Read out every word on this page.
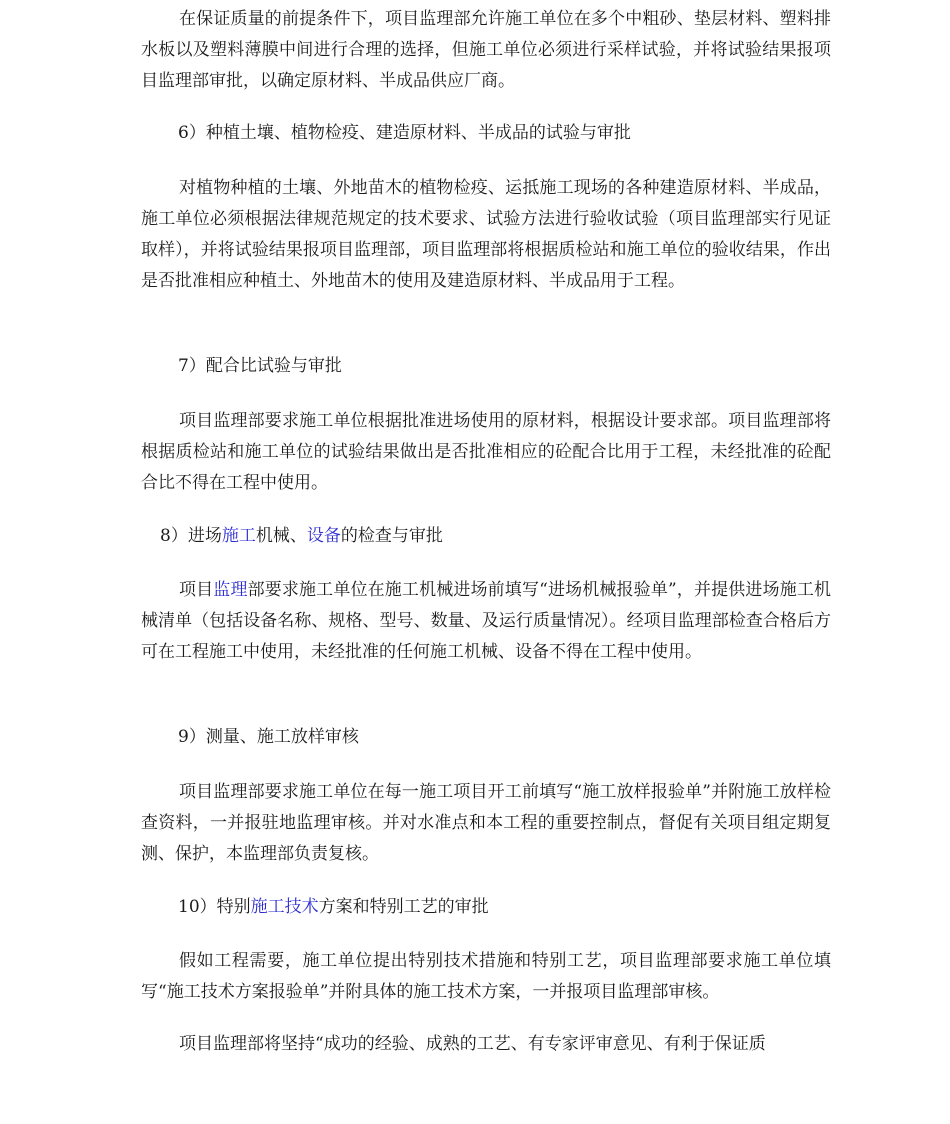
在保证质量的前提条件下，项目监理部允许施工单位在多个中粗砂、垫层材料、塑料排水板以及塑料薄膜中间进行合理的选择，但施工单位必须进行采样试验，并将试验结果报项目监理部审批，以确定原材料、半成品供应厂商。

6）种植土壤、植物检疫、建造原材料、半成品的试验与审批

对植物种植的土壤、外地苗木的植物检疫、运抵施工现场的各种建造原材料、半成品，施工单位必须根据法律规范规定的技术要求、试验方法进行验收试验（项目监理部实行见证取样），并将试验结果报项目监理部，项目监理部将根据质检站和施工单位的验收结果，作出是否批准相应种植土、外地苗木的使用及建造原材料、半成品用于工程。

7）配合比试验与审批

项目监理部要求施工单位根据批准进场使用的原材料，根据设计要求部。项目监理部将根据质检站和施工单位的试验结果做出是否批准相应的砼配合比用于工程，未经批准的砼配合比不得在工程中使用。

8）进场施工机械、设备的检查与审批

项目监理部要求施工单位在施工机械进场前填写“进场机械报验单”，并提供进场施工机械清单（包括设备名称、规格、型号、数量、及运行质量情况）。经项目监理部检查合格后方可在工程施工中使用，未经批准的任何施工机械、设备不得在工程中使用。

9）测量、施工放样审核

项目监理部要求施工单位在每一施工项目开工前填写“施工放样报验单”并附施工放样检查资料，一并报驻地监理审核。并对水准点和本工程的重要控制点，督促有关项目组定期复测、保护，本监理部负责复核。

10）特别施工技术方案和特别工艺的审批

假如工程需要，施工单位提出特别技术措施和特别工艺，项目监理部要求施工单位填写“施工技术方案报验单”并附具体的施工技术方案，一并报项目监理部审核。

项目监理部将坚持“成功的经验、成熟的工艺、有专家评审意见、有利于保证质
